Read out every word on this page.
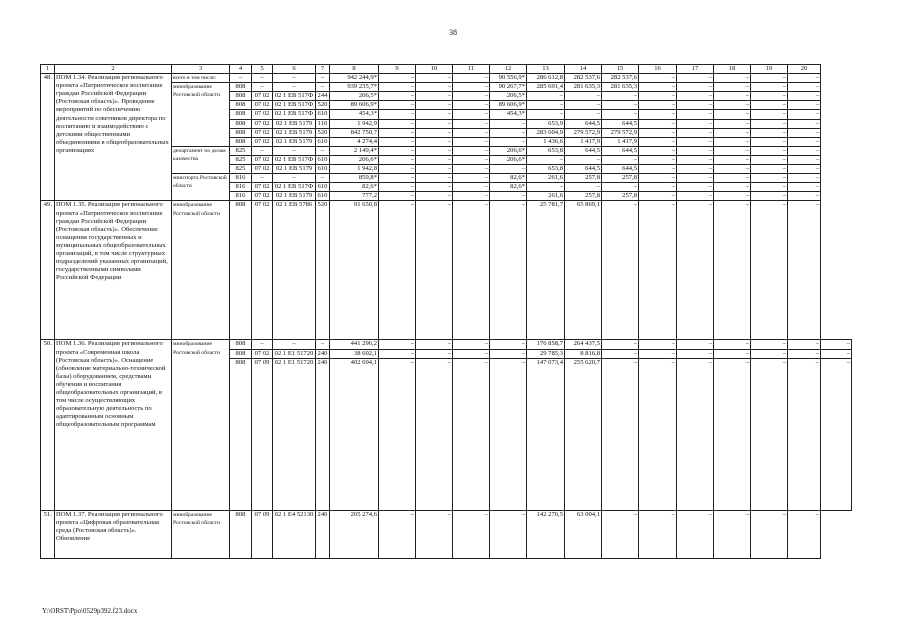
38
1	2	3	4	5	6	7	8	9	10	11	12	13	14	15	16	17	18	19	20	
48.	ПОМ 1.34. Реализация регионального проекта «Патриотическое воспитание граждан Российской Федерации (Ростовская область)». Проведение мероприятий по обеспечению деятельности советников директора по воспитанию и взаимодействию с детскими общественными объединениями в общеобразовательных организациях	всего в том числе:	–	–	–	–	942 244,9*	–	–	–	90 556,9*	286 612,8	282 537,6	282 537,6	–	–	–	–	–	
		минобразование Ростовской области	808	–	–	–	939 235,7*	–	–	–	90 267,7*	285 691,4	281 635,3	281 635,3	–	–	–	–	–	
			808	07 02	02 1 EВ 517Ф	244	206,5*	–	–	–	206,5*	–	–	–	–	–	–	–	–	
			808	07 02	02 1 EВ 517Ф	520	89 606,9*	–	–	–	89 606,9*	–	–	–	–	–	–	–	–	
			808	07 02	02 1 EВ 517Ф	610	454,3*	–	–	–	454,3*	–	–	–	–	–	–	–	–	
			808	07 02	02 1 EВ 5179	110	1 942,9	–	–	–	–	653,9	644,5	644,5	–	–	–	–	–	
			808	07 02	02 1 EВ 5179	520	842 750,7	–	–	–	–	283 604,9	279 572,9	279 572,9	–	–	–	–	–	
			808	07 02	02 1 EВ 5179	610	4 274,4	–	–	–	–	1 436,6	1 417,9	1 417,9	–	–	–	–	–	
		департамент по делам казачества	825	–	–	–	2 149,4*	–	–	–	206,6*	653,8	644,5	644,5	–	–	–	–	–	
			825	07 02	02 1 EВ 517Ф	610	206,6*	–	–	–	206,6*	–	–	–	–	–	–	–	–	
			825	07 02	02 1 EВ 5179	610	1 942,8	–	–	–	–	653,8	644,5	644,5	–	–	–	–	–	
		минспорта Ростовской области	816	–	–	–	859,8*	–	–	–	82,6*	261,6	257,8	257,8	–	–	–	–	–	
			816	07 02	02 1 EВ 517Ф	610	82,6*	–	–	–	82,6*	–	–	–	–	–	–	–	–	
			816	07 02	02 1 EВ 5179	610	777,2	–	–	–	–	261,6	257,8	257,8	–	–	–	–	–	
49.	ПОМ 1.35. Реализация регионального проекта «Патриотическое воспитание граждан Российской Федерации (Ростовская область)». Обеспечение оснащения государственных и муниципальных общеобразовательных организаций, в том числе структурных подразделений указанных организаций, государственными символами Российской Федерации	минобразование Ростовской области	808	07 02	02 1 EВ 5786	520	91 650,8	–	–	–	–	25 781,7	65 869,1	–	–	–	–	–	–	
50.	ПОМ 1.36. Реализация регионального проекта «Современная школа (Ростовская область)». Оснащение (обновление материально-технической базы) оборудованием, средствами обучения и воспитания общеобразовательных организаций, в том числе осуществляющих образовательную деятельность по адаптированным основным общеобразовательным программам	минобразование Ростовской области	808	–	–	–	441 296,2	–	–	–	–	176 858,7	264 437,5	–	–	–	–	–	–	–
			808	07 02	02 1 E1 51720	240	38 602,1	–	–	–	–	29 785,3	8 816,8	–	–	–	–	–	–	–
			808	07 09	02 1 E1 51720	240	402 694,1	–	–	–	–	147 073,4	255 620,7	–	–	–	–	–	–	–
51.	ПОМ 1.37. Реализация регионального проекта «Цифровая образовательная среда (Ростовская область)». Обновление	минобразование Ростовской области	808	07 09	02 1 E4 52130	240	205 274,6	–	–	–	–	142 270,5	63 004,1	–	–	–	–	–	–	
Y:\ORST\Ppo\0529p392.f23.docx
